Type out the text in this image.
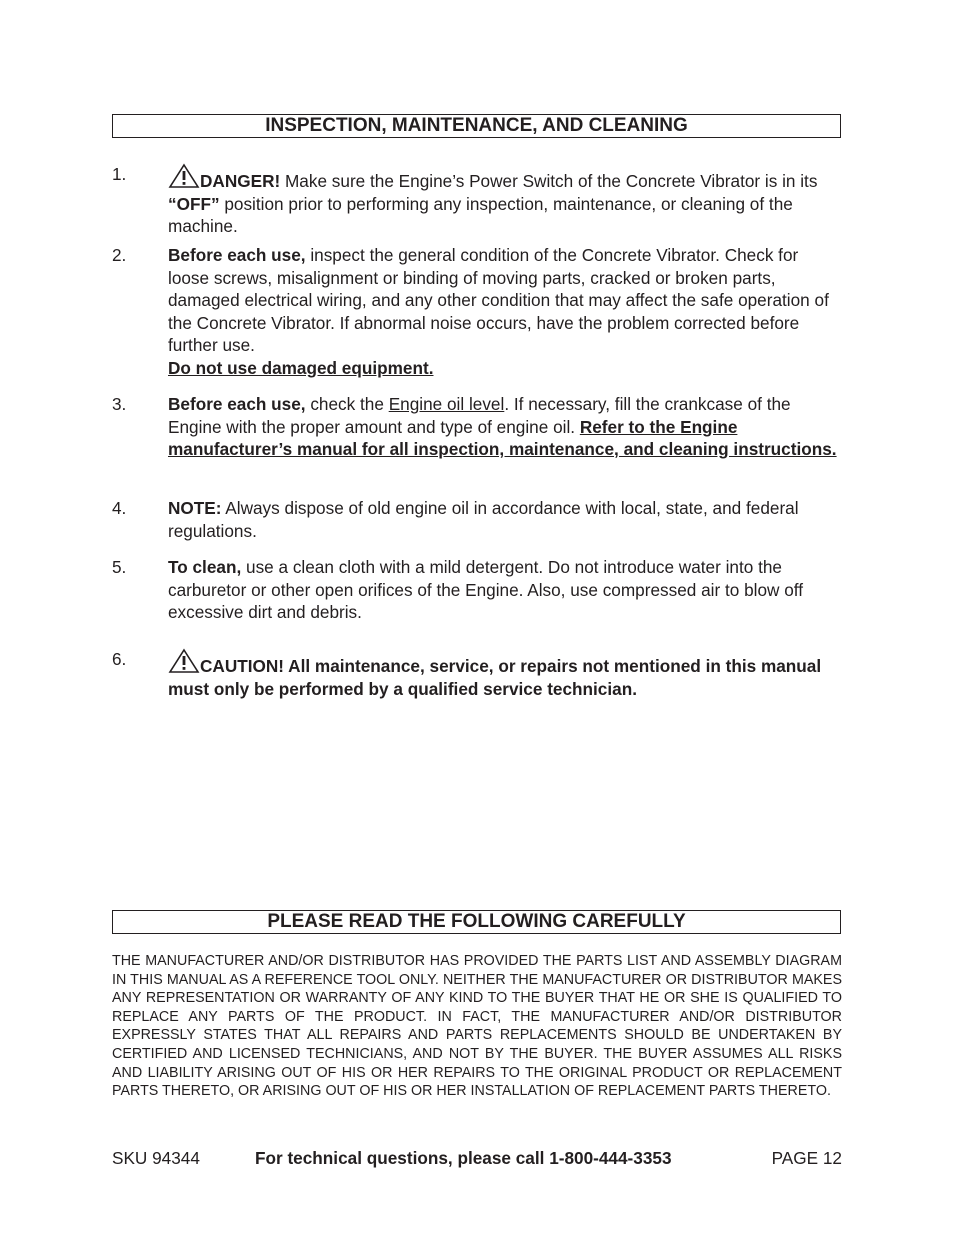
INSPECTION, MAINTENANCE, AND CLEANING
1.	DANGER! Make sure the Engine’s Power Switch of the Concrete Vibrator is in its “OFF” position prior to performing any inspection, maintenance, or cleaning of the machine.
2.	Before each use, inspect the general condition of the Concrete Vibrator. Check for loose screws, misalignment or binding of moving parts, cracked or broken parts, damaged electrical wiring, and any other condition that may affect the safe operation of the Concrete Vibrator. If abnormal noise occurs, have the problem corrected before further use.
Do not use damaged equipment.
3.	Before each use, check the Engine oil level. If necessary, fill the crankcase of the Engine with the proper amount and type of engine oil. Refer to the Engine manufacturer’s manual for all inspection, maintenance, and cleaning instructions.
4.	NOTE: Always dispose of old engine oil in accordance with local, state, and federal regulations.
5.	To clean, use a clean cloth with a mild detergent. Do not introduce water into the carburetor or other open orifices of the Engine. Also, use compressed air to blow off excessive dirt and debris.
6.	CAUTION! All maintenance, service, or repairs not mentioned in this manual must only be performed by a qualified service technician.
PLEASE READ THE FOLLOWING CAREFULLY
THE MANUFACTURER AND/OR DISTRIBUTOR HAS PROVIDED THE PARTS LIST AND ASSEMBLY DIAGRAM IN THIS MANUAL AS A REFERENCE TOOL ONLY. NEITHER THE MANUFACTURER OR DISTRIBUTOR MAKES ANY REPRESENTATION OR WARRANTY OF ANY KIND TO THE BUYER THAT HE OR SHE IS QUALIFIED TO REPLACE ANY PARTS OF THE PRODUCT. IN FACT, THE MANUFACTURER AND/OR DISTRIBUTOR EXPRESSLY STATES THAT ALL REPAIRS AND PARTS REPLACEMENTS SHOULD BE UNDERTAKEN BY CERTIFIED AND LICENSED TECHNICIANS, AND NOT BY THE BUYER. THE BUYER ASSUMES ALL RISKS AND LIABILITY ARISING OUT OF HIS OR HER REPAIRS TO THE ORIGINAL PRODUCT OR REPLACEMENT PARTS THERETO, OR ARISING OUT OF HIS OR HER INSTALLATION OF REPLACEMENT PARTS THERETO.
SKU 94344	For technical questions, please call 1-800-444-3353	PAGE 12
